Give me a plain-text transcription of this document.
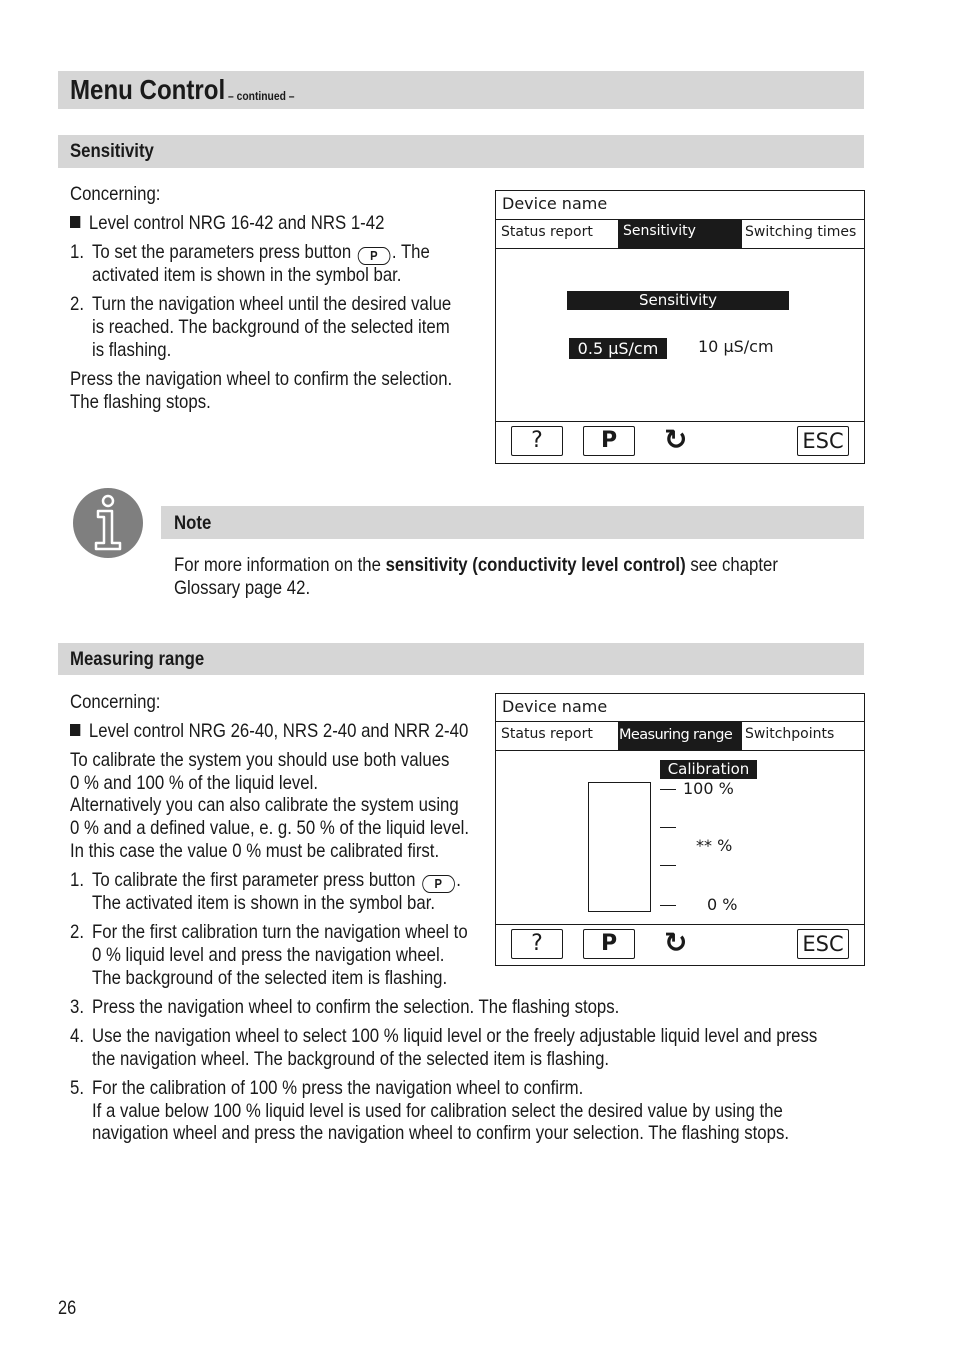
Menu Control – continued –
Sensitivity
Concerning:
Level control NRG 16-42 and NRS 1-42
1. To set the parameters press button P . The
activated item is shown in the symbol bar.
2. Turn the navigation wheel until the desired value
is reached. The background of the selected item
is flashing.
Press the navigation wheel to confirm the selection.
The flashing stops.
Device name
Status report	Sensitivity	Switching times
Sensitivity
0.5 µS/cm	10 µS/cm
?	P	↻	ESC
Note
For more information on the sensitivity (conductivity level control) see chapter
Glossary page 42.
Measuring range
Concerning:
Level control NRG 26-40, NRS 2-40 and NRR 2-40
To calibrate the system you should use both values
0 % and 100 % of the liquid level.
Alternatively you can also calibrate the system using
0 % and a defined value, e. g. 50 % of the liquid level.
In this case the value 0 % must be calibrated first.
1. To calibrate the first parameter press button P .
The activated item is shown in the symbol bar.
2. For the first calibration turn the navigation wheel to
0 % liquid level and press the navigation wheel.
The background of the selected item is flashing.
3. Press the navigation wheel to confirm the selection. The flashing stops.
4. Use the navigation wheel to select 100 % liquid level or the freely adjustable liquid level and press
the navigation wheel. The background of the selected item is flashing.
5. For the calibration of 100 % press the navigation wheel to confirm.
If a value below 100 % liquid level is used for calibration select the desired value by using the
navigation wheel and press the navigation wheel to confirm your selection. The flashing stops.
Device name
Status report Measuring range Switchpoints
Calibration
100 %
** %
0 %
?	P	↻	ESC
26
